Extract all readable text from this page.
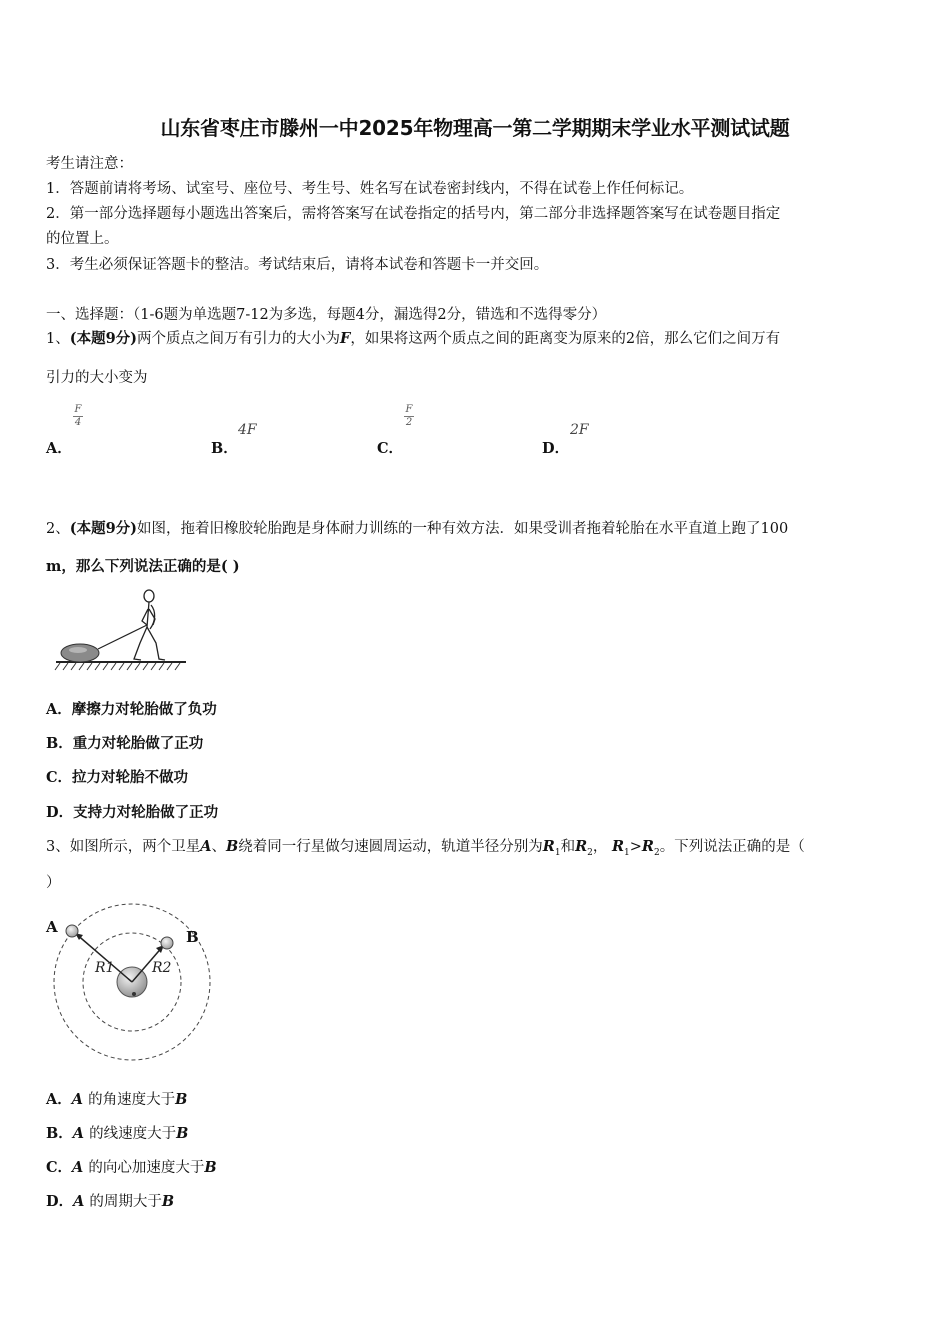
山东省枣庄市滕州一中2025年物理高一第二学期期末学业水平测试试题
考生请注意：
1．答题前请将考场、试室号、座位号、考生号、姓名写在试卷密封线内，不得在试卷上作任何标记。
2．第一部分选择题每小题选出答案后，需将答案写在试卷指定的括号内，第二部分非选择题答案写在试卷题目指定
的位置上。
3．考生必须保证答题卡的整洁。考试结束后，请将本试卷和答题卡一并交回。
一、选择题：（1-6题为单选题7-12为多选，每题4分，漏选得2分，错选和不选得零分）
1、(本题9分)两个质点之间万有引力的大小为F，如果将这两个质点之间的距离变为原来的2倍，那么它们之间万有
引力的大小变为
A．
F
4
B．
4F
C．
F
2
D．
2F
2、(本题9分)如图，拖着旧橡胶轮胎跑是身体耐力训练的一种有效方法．如果受训者拖着轮胎在水平直道上跑了100
m，那么下列说法正确的是( )
A．摩擦力对轮胎做了负功
B．重力对轮胎做了正功
C．拉力对轮胎不做功
D．支持力对轮胎做了正功
3、如图所示，两个卫星A、B绕着同一行星做匀速圆周运动，轨道半径分别为$R_1$和$R_2$， $R_1>R_2$。下列说法正确的是（
）
A
B
R1	R2
A．A 的角速度大于B
B．A 的线速度大于B
C．A 的向心加速度大于B
D．A 的周期大于B
